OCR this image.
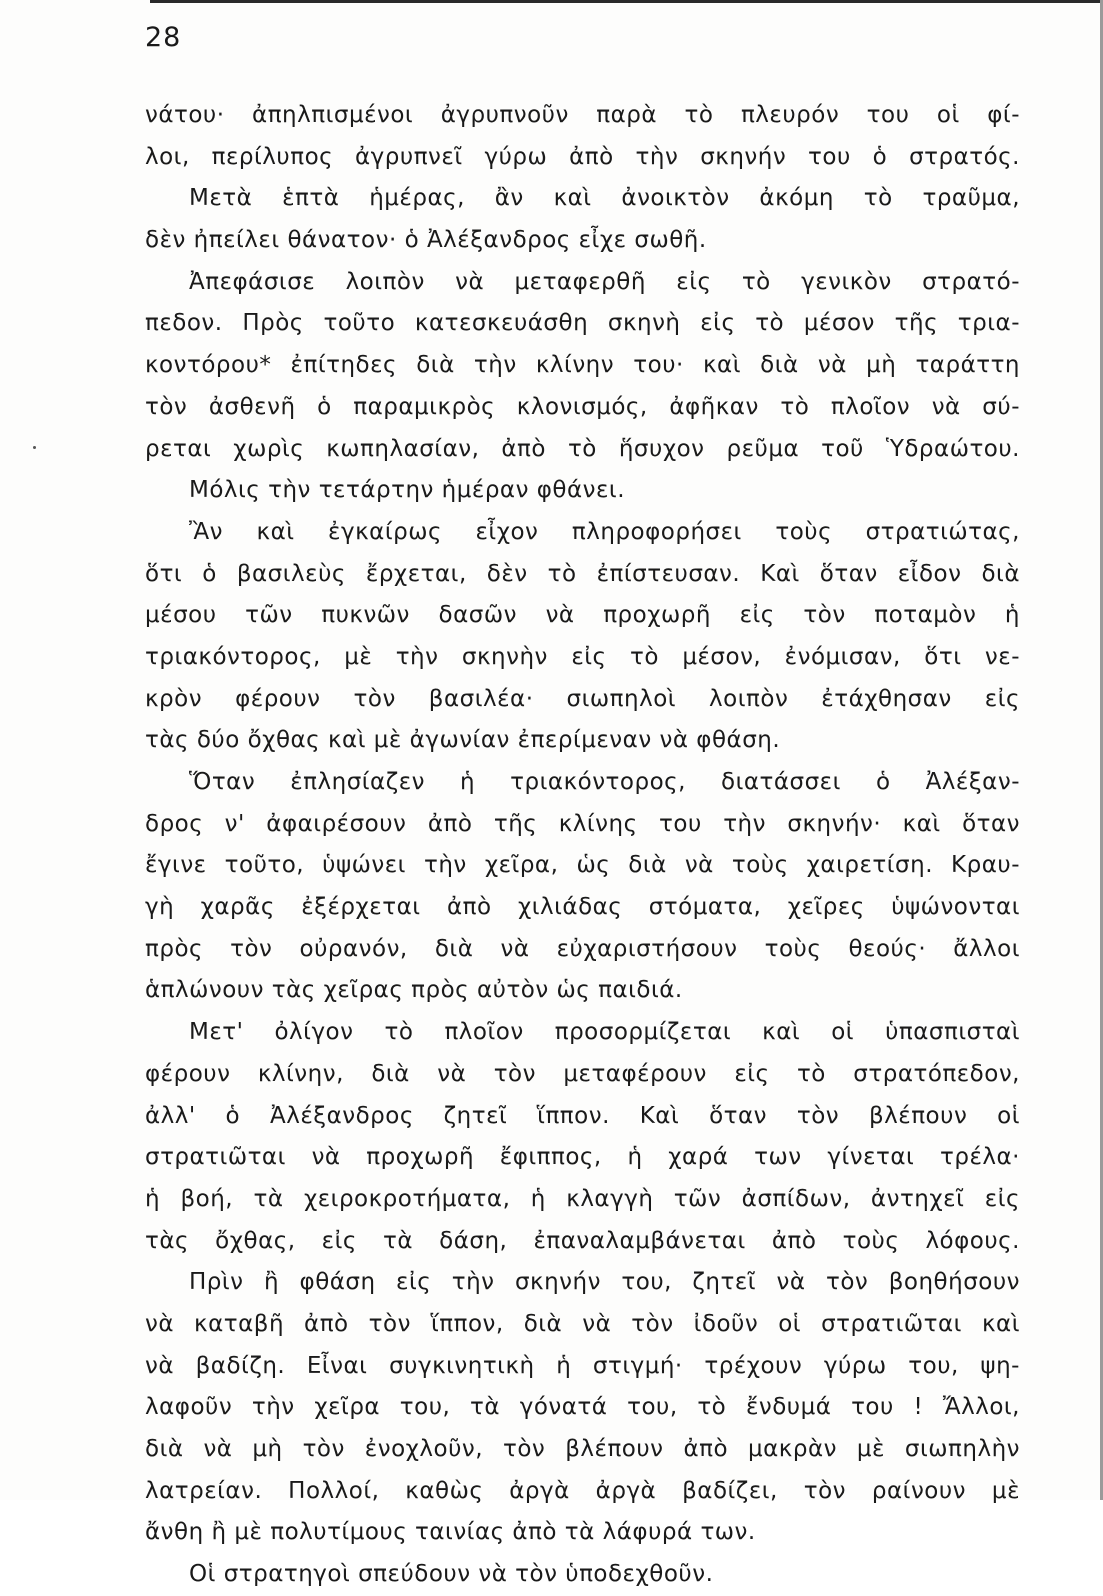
28
νάτου· ἀπηλπισμένοι ἀγρυπνοῦν παρὰ τὸ πλευρόν του οἱ φί-
λοι, περίλυπος ἀγρυπνεῖ γύρω ἀπὸ τὴν σκηνήν του ὁ στρατός.
Μετὰ ἑπτὰ ἡμέρας, ἂν καὶ ἀνοικτὸν ἀκόμη τὸ τραῦμα,
δὲν ἠπείλει θάνατον· ὁ Ἀλέξανδρος εἶχε σωθῆ.
Ἀπεφάσισε λοιπὸν νὰ μεταφερθῆ εἰς τὸ γενικὸν στρατό-
πεδον. Πρὸς τοῦτο κατεσκευάσθη σκηνὴ εἰς τὸ μέσον τῆς τρια-
κοντόρου* ἐπίτηδες διὰ τὴν κλίνην του· καὶ διὰ νὰ μὴ ταράττη
τὸν ἀσθενῆ ὁ παραμικρὸς κλονισμός, ἀφῆκαν τὸ πλοῖον νὰ σύ-
ρεται χωρὶς κωπηλασίαν, ἀπὸ τὸ ἥσυχον ρεῦμα τοῦ Ὑδραώτου.
Μόλις τὴν τετάρτην ἡμέραν φθάνει.
Ἂν καὶ ἐγκαίρως εἶχον πληροφορήσει τοὺς στρατιώτας,
ὅτι ὁ βασιλεὺς ἔρχεται, δὲν τὸ ἐπίστευσαν. Καὶ ὅταν εἶδον διὰ
μέσου τῶν πυκνῶν δασῶν νὰ προχωρῆ εἰς τὸν ποταμὸν ἡ
τριακόντορος, μὲ τὴν σκηνὴν εἰς τὸ μέσον, ἐνόμισαν, ὅτι νε-
κρὸν φέρουν τὸν βασιλέα· σιωπηλοὶ λοιπὸν ἐτάχθησαν εἰς
τὰς δύο ὄχθας καὶ μὲ ἀγωνίαν ἐπερίμεναν νὰ φθάση.
Ὅταν ἐπλησίαζεν ἡ τριακόντορος, διατάσσει ὁ Ἀλέξαν-
δρος ν' ἀφαιρέσουν ἀπὸ τῆς κλίνης του τὴν σκηνήν· καὶ ὅταν
ἔγινε τοῦτο, ὑψώνει τὴν χεῖρα, ὡς διὰ νὰ τοὺς χαιρετίση. Κραυ-
γὴ χαρᾶς ἐξέρχεται ἀπὸ χιλιάδας στόματα, χεῖρες ὑψώνονται
πρὸς τὸν οὐρανόν, διὰ νὰ εὐχαριστήσουν τοὺς θεούς· ἄλλοι
ἁπλώνουν τὰς χεῖρας πρὸς αὐτὸν ὡς παιδιά.
Μετ' ὀλίγον τὸ πλοῖον προσορμίζεται καὶ οἱ ὑπασπισταὶ
φέρουν κλίνην, διὰ νὰ τὸν μεταφέρουν εἰς τὸ στρατόπεδον,
ἀλλ' ὁ Ἀλέξανδρος ζητεῖ ἵππον. Καὶ ὅταν τὸν βλέπουν οἱ
στρατιῶται νὰ προχωρῆ ἔφιππος, ἡ χαρά των γίνεται τρέλα·
ἡ βοή, τὰ χειροκροτήματα, ἡ κλαγγὴ τῶν ἀσπίδων, ἀντηχεῖ εἰς
τὰς ὄχθας, εἰς τὰ δάση, ἐπαναλαμβάνεται ἀπὸ τοὺς λόφους.
Πρὶν ἢ φθάση εἰς τὴν σκηνήν του, ζητεῖ νὰ τὸν βοηθήσουν
νὰ καταβῆ ἀπὸ τὸν ἵππον, διὰ νὰ τὸν ἰδοῦν οἱ στρατιῶται καὶ
νὰ βαδίζη. Εἶναι συγκινητικὴ ἡ στιγμή· τρέχουν γύρω του, ψη-
λαφοῦν τὴν χεῖρα του, τὰ γόνατά του, τὸ ἔνδυμά του ! Ἄλλοι,
διὰ νὰ μὴ τὸν ἐνοχλοῦν, τὸν βλέπουν ἀπὸ μακρὰν μὲ σιωπηλὴν
λατρείαν. Πολλοί, καθὼς ἀργὰ ἀργὰ βαδίζει, τὸν ραίνουν μὲ
ἄνθη ἢ μὲ πολυτίμους ταινίας ἀπὸ τὰ λάφυρά των.
Οἱ στρατηγοὶ σπεύδουν νὰ τὸν ὑποδεχθοῦν.
